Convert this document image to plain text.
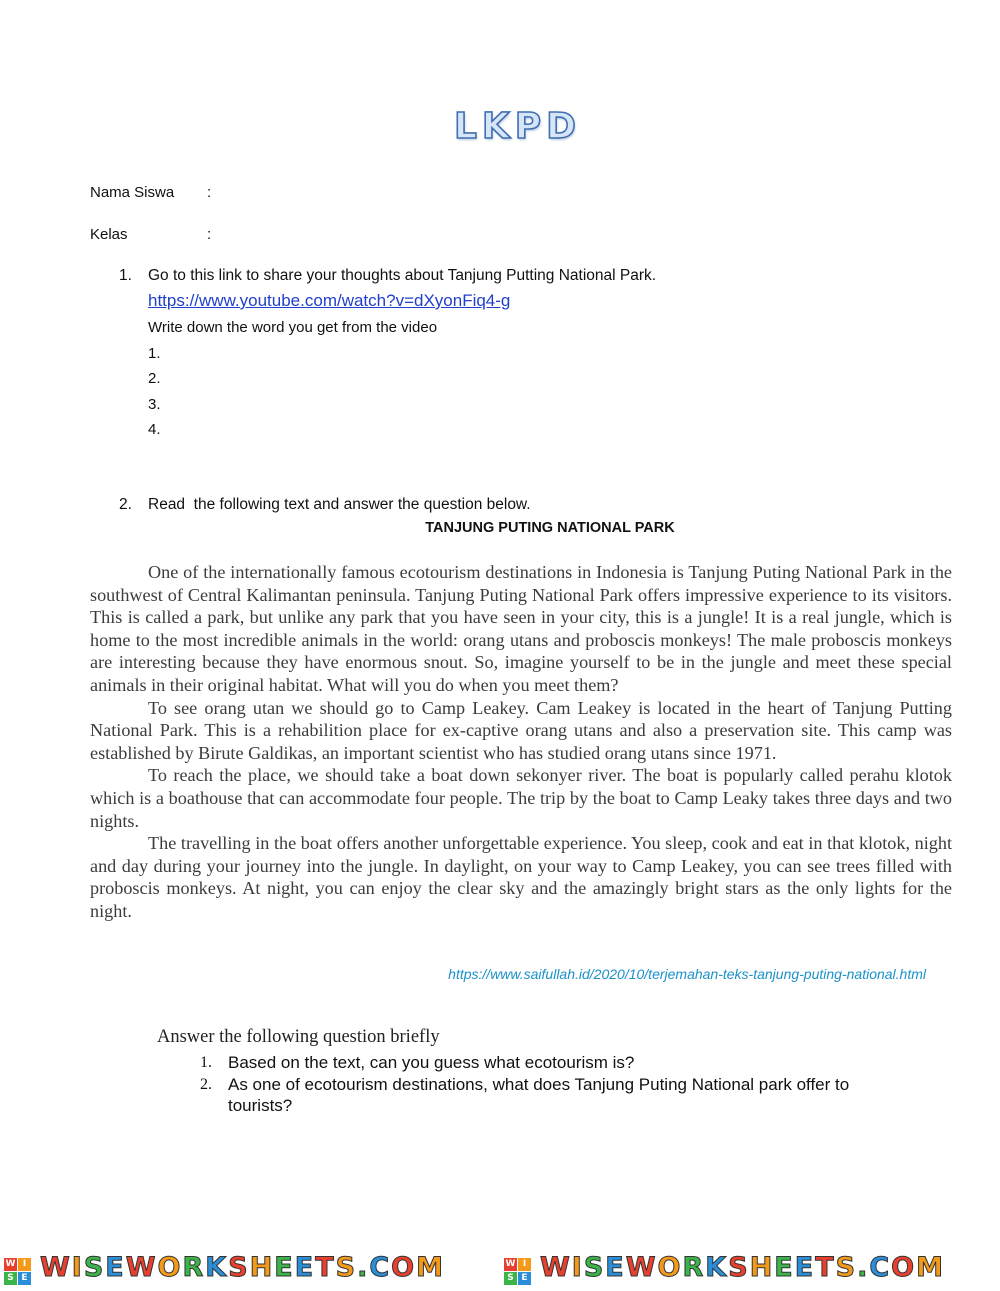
LKPD
Nama Siswa :
Kelas	:
1. Go to this link to share your thoughts about Tanjung Putting National Park.
https://www.youtube.com/watch?v=dXyonFiq4-g
Write down the word you get from the video
1.
2.
3.
4.
2. Read  the following text and answer the question below.
TANJUNG PUTING NATIONAL PARK

One of the internationally famous ecotourism destinations in Indonesia is Tanjung Puting National Park in the southwest of Central Kalimantan peninsula. Tanjung Puting National Park offers impressive experience to its visitors. This is called a park, but unlike any park that you have seen in your city, this is a jungle! It is a real jungle, which is home to the most incredible animals in the world: orang utans and proboscis monkeys! The male proboscis monkeys are interesting because they have enormous snout. So, imagine yourself to be in the jungle and meet these special animals in their original habitat. What will you do when you meet them?

To see orang utan we should go to Camp Leakey. Cam Leakey is located in the heart of Tanjung Putting National Park. This is a rehabilition place for ex-captive orang utans and also a preservation site. This camp was established by Birute Galdikas, an important scientist who has studied orang utans since 1971.

To reach the place, we should take a boat down sekonyer river. The boat is popularly called perahu klotok which is a boathouse that can accommodate four people. The trip by the boat to Camp Leaky takes three days and two nights.

The travelling in the boat offers another unforgettable experience. You sleep, cook and eat in that klotok, night and day during your journey into the jungle. In daylight, on your way to Camp Leakey, you can see trees filled with proboscis monkeys. At night, you can enjoy the clear sky and the amazingly bright stars as the only lights for the night.

https://www.saifullah.id/2020/10/terjemahan-teks-tanjung-puting-national.html
Answer the following question briefly
1. Based on the text, can you guess what ecotourism is?
2. As one of ecotourism destinations, what does Tanjung Puting National park offer to tourists?
W I
S E WISEWORKSHEETS.COM	W I
S E WISEWORKSHEETS.COM
